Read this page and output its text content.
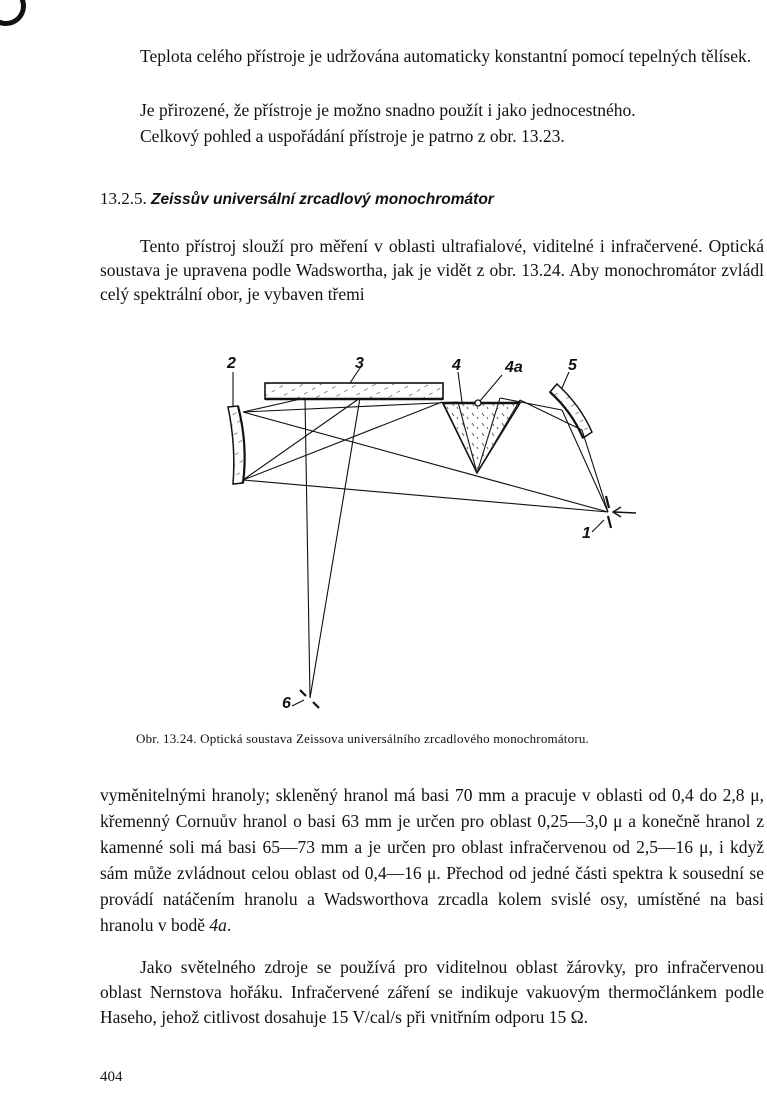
Teplota celého přístroje je udržována automaticky konstantní pomocí tepelných tělísek.

Je přirozené, že přístroje je možno snadno použít i jako jednocestného.

Celkový pohled a uspořádání přístroje je patrno z obr. 13.23.

13.2.5. Zeissův universální zrcadlový monochromátor

Tento přístroj slouží pro měření v oblasti ultrafialové, viditelné i infračervené. Optická soustava je upravena podle Wadswortha, jak je vidět z obr. 13.24. Aby monochromátor zvládl celý spektrální obor, je vybaven třemi

2	3	4	4a	5
1
6

Obr. 13.24. Optická soustava Zeissova universálního zrcadlového monochromátoru.

vyměnitelnými hranoly; skleněný hranol má basi 70 mm a pracuje v oblasti od 0,4 do 2,8 μ, křemenný Cornuův hranol o basi 63 mm je určen pro oblast 0,25—3,0 μ a konečně hranol z kamenné soli má basi 65—73 mm a je určen pro oblast infračervenou od 2,5—16 μ, i když sám může zvládnout celou oblast od 0,4—16 μ. Přechod od jedné části spektra k sousední se provádí natáčením hranolu a Wadsworthova zrcadla kolem svislé osy, umístěné na basi hranolu v bodě 4a.

Jako světelného zdroje se používá pro viditelnou oblast žárovky, pro infračervenou oblast Nernstova hořáku. Infračervené záření se indikuje vakuovým thermočlánkem podle Haseho, jehož citlivost dosahuje 15 V/cal/s při vnitřním odporu 15 Ω.

404
